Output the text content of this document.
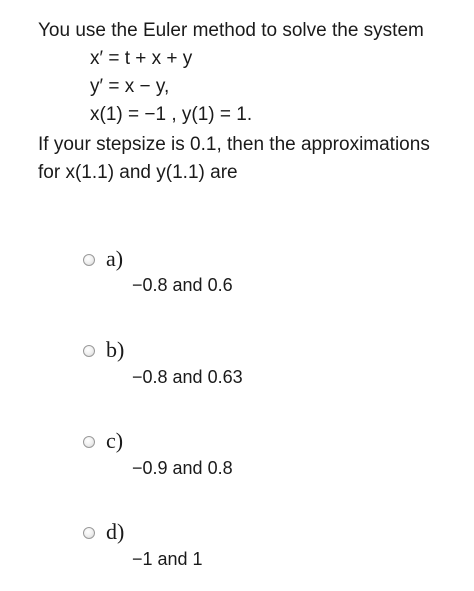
You use the Euler method to solve the system
x′ = t + x + y
y′ = x − y,
x(1) = −1 , y(1) = 1.
If your stepsize is 0.1, then the approximations
for x(1.1) and y(1.1) are
a)
−0.8 and 0.6
b)
−0.8 and 0.63
c)
−0.9 and 0.8
d)
−1 and 1
